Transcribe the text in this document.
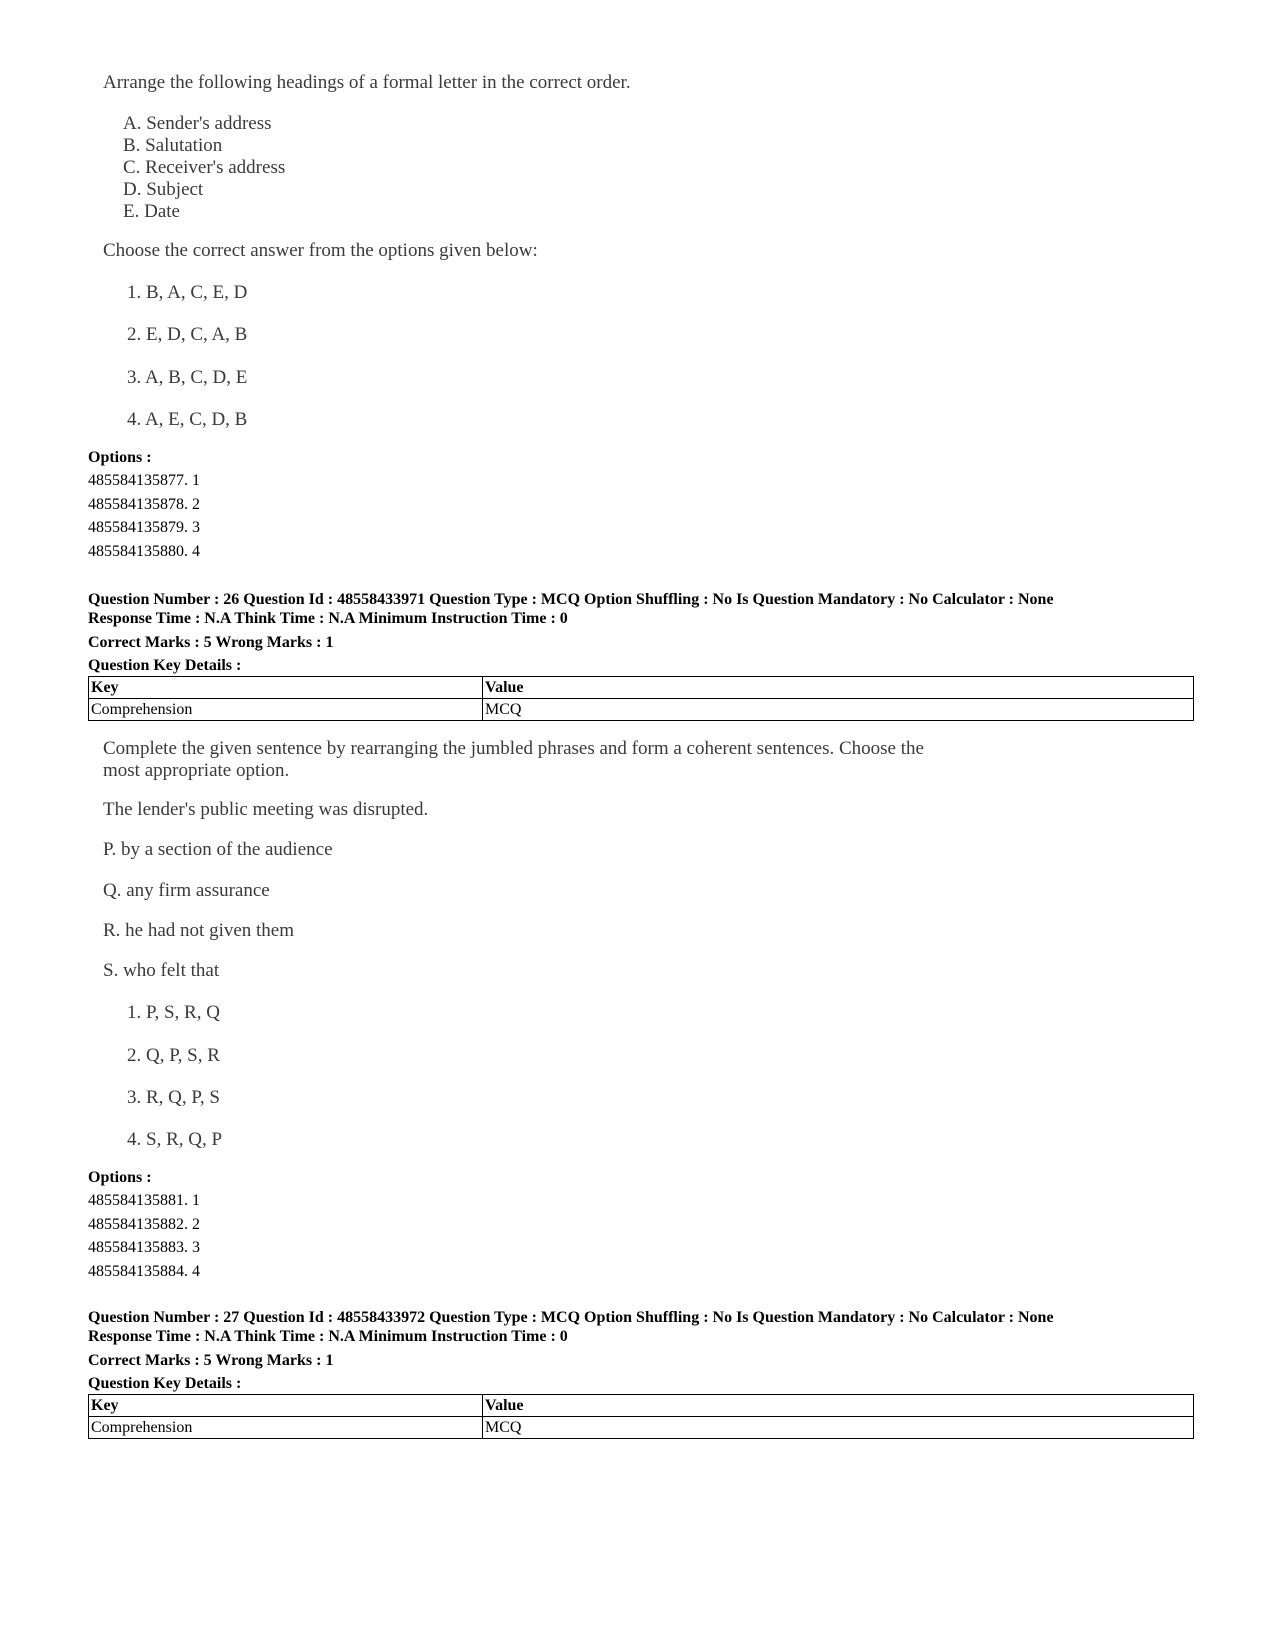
Arrange the following headings of a formal letter in the correct order.

A. Sender's address
B. Salutation
C. Receiver's address
D. Subject
E. Date
Choose the correct answer from the options given below:
1. B, A, C, E, D
2. E, D, C, A, B
3. A, B, C, D, E
4. A, E, C, D, B
Options :
485584135877. 1
485584135878. 2
485584135879. 3
485584135880. 4
Question Number : 26 Question Id : 48558433971 Question Type : MCQ Option Shuffling : No Is Question Mandatory : No Calculator : None
Response Time : N.A Think Time : N.A Minimum Instruction Time : 0
Correct Marks : 5 Wrong Marks : 1
Question Key Details :
Key	Value
Comprehension	MCQ
Complete the given sentence by rearranging the jumbled phrases and form a coherent sentences. Choose the
most appropriate option.
The lender's public meeting was disrupted.
P. by a section of the audience
Q. any firm assurance
R. he had not given them
S. who felt that
1. P, S, R, Q
2. Q, P, S, R
3. R, Q, P, S
4. S, R, Q, P
Options :
485584135881. 1
485584135882. 2
485584135883. 3
485584135884. 4
Question Number : 27 Question Id : 48558433972 Question Type : MCQ Option Shuffling : No Is Question Mandatory : No Calculator : None
Response Time : N.A Think Time : N.A Minimum Instruction Time : 0
Correct Marks : 5 Wrong Marks : 1
Question Key Details :
Key	Value
Comprehension	MCQ
